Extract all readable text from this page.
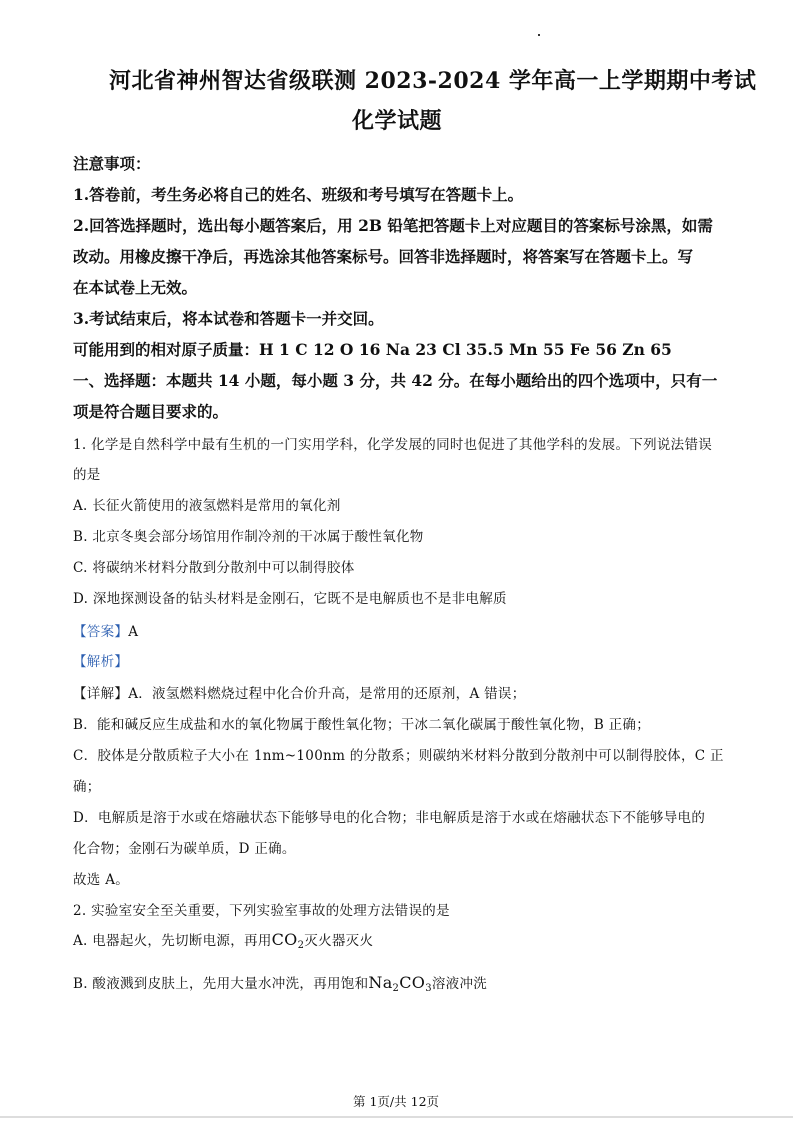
河北省神州智达省级联测 2023-2024 学年高一上学期期中考试
化学试题
注意事项：
1.答卷前，考生务必将自己的姓名、班级和考号填写在答题卡上。
2.回答选择题时，选出每小题答案后，用 2B 铅笔把答题卡上对应题目的答案标号涂黑，如需
改动。用橡皮擦干净后，再选涂其他答案标号。回答非选择题时，将答案写在答题卡上。写
在本试卷上无效。
3.考试结束后，将本试卷和答题卡一并交回。
可能用到的相对原子质量：H 1 C 12 O 16 Na 23 Cl 35.5 Mn 55 Fe 56 Zn 65
一、选择题：本题共 14 小题，每小题 3 分，共 42 分。在每小题给出的四个选项中，只有一
项是符合题目要求的。
1. 化学是自然科学中最有生机的一门实用学科，化学发展的同时也促进了其他学科的发展。下列说法错误
的是
A. 长征火箭使用的液氢燃料是常用的氧化剂
B. 北京冬奥会部分场馆用作制冷剂的干冰属于酸性氧化物
C. 将碳纳米材料分散到分散剂中可以制得胶体
D. 深地探测设备的钻头材料是金刚石，它既不是电解质也不是非电解质
【答案】A
【解析】
【详解】A．液氢燃料燃烧过程中化合价升高，是常用的还原剂，A 错误；
B．能和碱反应生成盐和水的氧化物属于酸性氧化物；干冰二氧化碳属于酸性氧化物，B 正确；
C．胶体是分散质粒子大小在 1nm~100nm 的分散系；则碳纳米材料分散到分散剂中可以制得胶体，C 正
确；
D．电解质是溶于水或在熔融状态下能够导电的化合物；非电解质是溶于水或在熔融状态下不能够导电的
化合物；金刚石为碳单质，D 正确。
故选 A。
2. 实验室安全至关重要，下列实验室事故的处理方法错误的是
A. 电器起火，先切断电源，再用$CO_2$灭火器灭火
B. 酸液溅到皮肤上，先用大量水冲洗，再用饱和$Na_2CO_3$溶液冲洗
第 1页/共 12页
